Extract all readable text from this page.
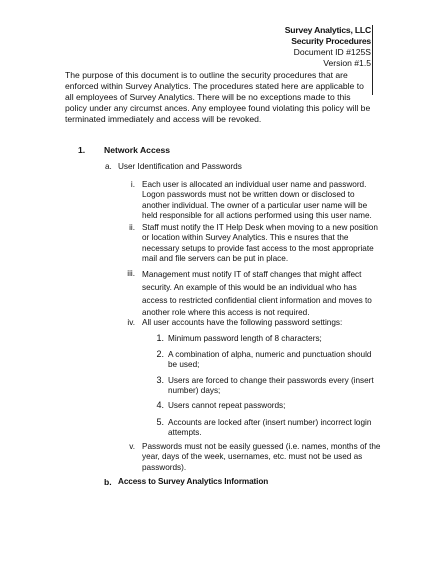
Survey Analytics, LLC
Security Procedures
Document ID #125S
Version #1.5

The purpose of this document is to outline the security procedures that are

enforced within Survey Analytics. The procedures stated here are applicable to

all employees of Survey Analytics. There will be no exceptions made to this

policy under any circumst ances. Any employee found violating this policy will be

terminated immediately and access will be revoked.

1. Network Access
a. User Identification and Passwords
i. Each user is allocated an individual user name and password.
Logon passwords must not be written down or disclosed to
another individual. The owner of a particular user name will be
held responsible for all actions performed using this user name.
ii. Staff must notify the IT Help Desk when moving to a new position
or location within Survey Analytics. This e nsures that the
necessary setups to provide fast access to the most appropriate
mail and file servers can be put in place.
iii. Management must notify IT of staff changes that might affect
security. An example of this would be an individual who has
access to restricted confidential client information and moves to
another role where this access is not required.
iv. All user accounts have the following password settings:
1. Minimum password length of 8 characters;
2. A combination of alpha, numeric and punctuation should
be used;
3. Users are forced to change their passwords every (insert
number) days;
4. Users cannot repeat passwords;
5. Accounts are locked after (insert number) incorrect login
attempts.
v. Passwords must not be easily guessed (i.e. names, months of the
year, days of the week, usernames, etc. must not be used as
passwords).
b. Access to Survey Analytics Information
